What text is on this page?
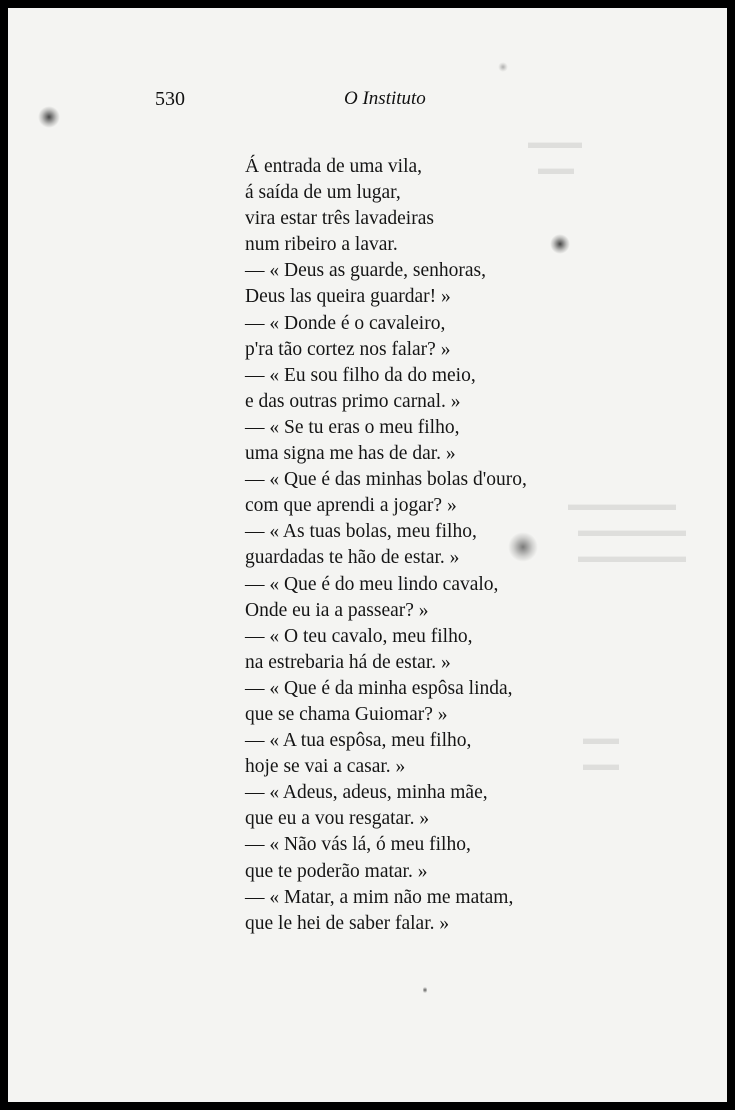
▬▬▬
▬▬
▬▬▬▬▬▬
▬▬▬▬▬▬
▬▬▬▬▬▬
▬▬
▬▬
530	O Instituto
Á entrada de uma vila,
á saída de um lugar,
vira estar três lavadeiras
num ribeiro a lavar.
— « Deus as guarde, senhoras,
Deus las queira guardar! »
— « Donde é o cavaleiro,
p'ra tão cortez nos falar? »
— « Eu sou filho da do meio,
e das outras primo carnal. »
— « Se tu eras o meu filho,
uma signa me has de dar. »
— « Que é das minhas bolas d'ouro,
com que aprendi a jogar? »
— « As tuas bolas, meu filho,
guardadas te hão de estar. »
— « Que é do meu lindo cavalo,
Onde eu ia a passear? »
— « O teu cavalo, meu filho,
na estrebaria há de estar. »
— « Que é da minha espôsa linda,
que se chama Guiomar? »
— « A tua espôsa, meu filho,
hoje se vai a casar. »
— « Adeus, adeus, minha mãe,
que eu a vou resgatar. »
— « Não vás lá, ó meu filho,
que te poderão matar. »
— « Matar, a mim não me matam,
que le hei de saber falar. »
